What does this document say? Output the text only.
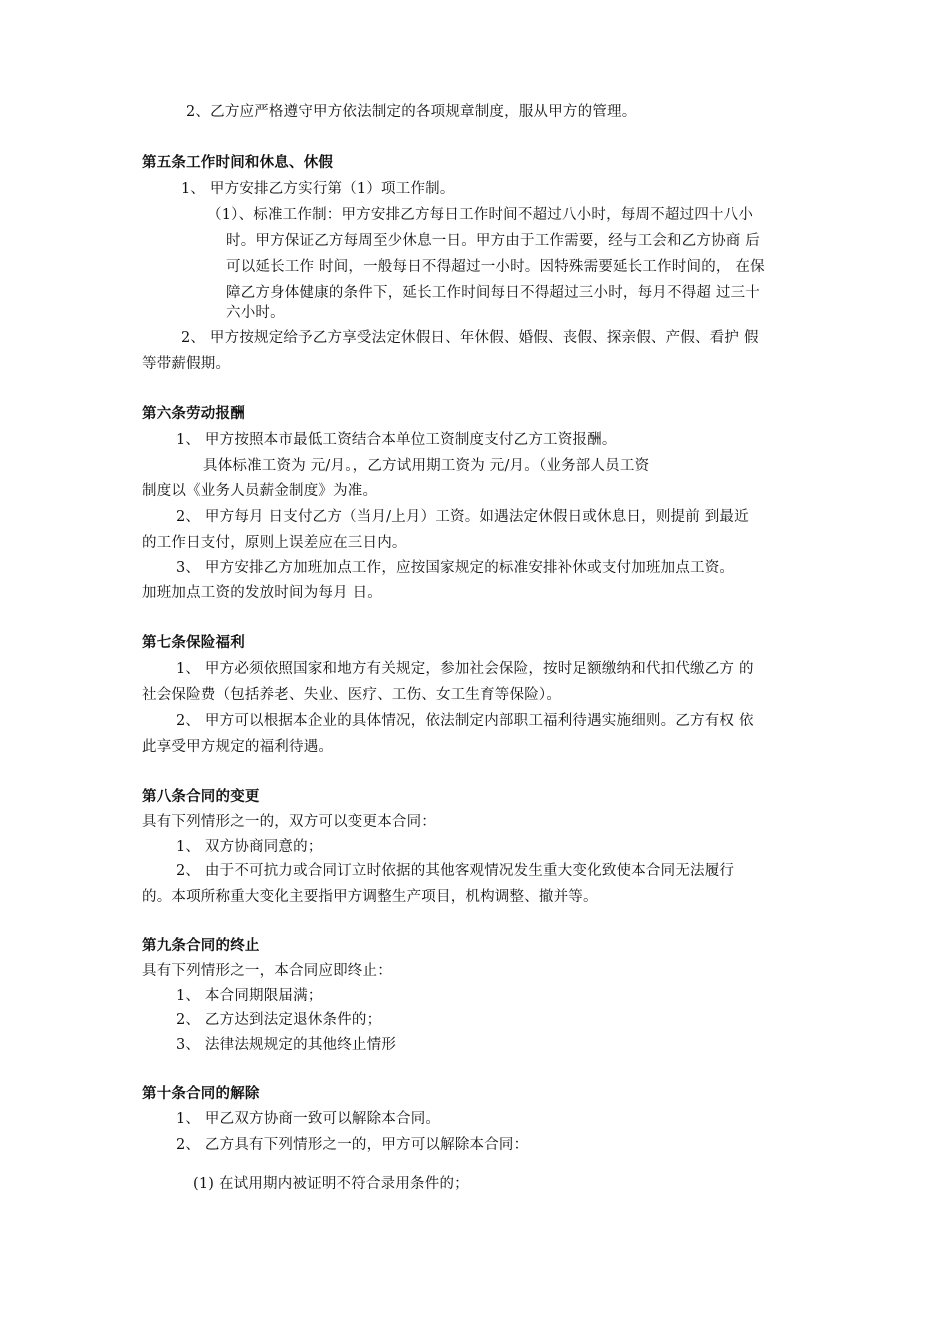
2、乙方应严格遵守甲方依法制定的各项规章制度，服从甲方的管理。
第五条工作时间和休息、休假
1、 甲方安排乙方实行第（1）项工作制。
（1）、标准工作制：甲方安排乙方每日工作时间不超过八小时，每周不超过四十八小
时。甲方保证乙方每周至少休息一日。甲方由于工作需要，经与工会和乙方协商 后
可以延长工作 时间，一般每日不得超过一小时。因特殊需要延长工作时间的， 在保
障乙方身体健康的条件下，延长工作时间每日不得超过三小时，每月不得超 过三十
六小时。
2、 甲方按规定给予乙方享受法定休假日、年休假、婚假、丧假、探亲假、产假、看护 假
等带薪假期。
第六条劳动报酬
1、 甲方按照本市最低工资结合本单位工资制度支付乙方工资报酬。
具体标准工资为 元/月。，乙方试用期工资为 元/月。（业务部人员工资
制度以《业务人员薪金制度》为准。
2、 甲方每月 日支付乙方（当月/上月）工资。如遇法定休假日或休息日，则提前 到最近
的工作日支付，原则上误差应在三日内。
3、 甲方安排乙方加班加点工作，应按国家规定的标准安排补休或支付加班加点工资。
加班加点工资的发放时间为每月 日。
第七条保险福利
1、 甲方必须依照国家和地方有关规定，参加社会保险，按时足额缴纳和代扣代缴乙方 的
社会保险费（包括养老、失业、医疗、工伤、女工生育等保险）。
2、 甲方可以根据本企业的具体情况，依法制定内部职工福利待遇实施细则。乙方有权 依
此享受甲方规定的福利待遇。
第八条合同的变更
具有下列情形之一的，双方可以变更本合同：
1、 双方协商同意的；
2、 由于不可抗力或合同订立时依据的其他客观情况发生重大变化致使本合同无法履行
的。本项所称重大变化主要指甲方调整生产项目，机构调整、撤并等。
第九条合同的终止
具有下列情形之一，本合同应即终止：
1、 本合同期限届满；
2、 乙方达到法定退休条件的；
3、 法律法规规定的其他终止情形
第十条合同的解除
1、 甲乙双方协商一致可以解除本合同。
2、 乙方具有下列情形之一的，甲方可以解除本合同：
(1) 在试用期内被证明不符合录用条件的；
